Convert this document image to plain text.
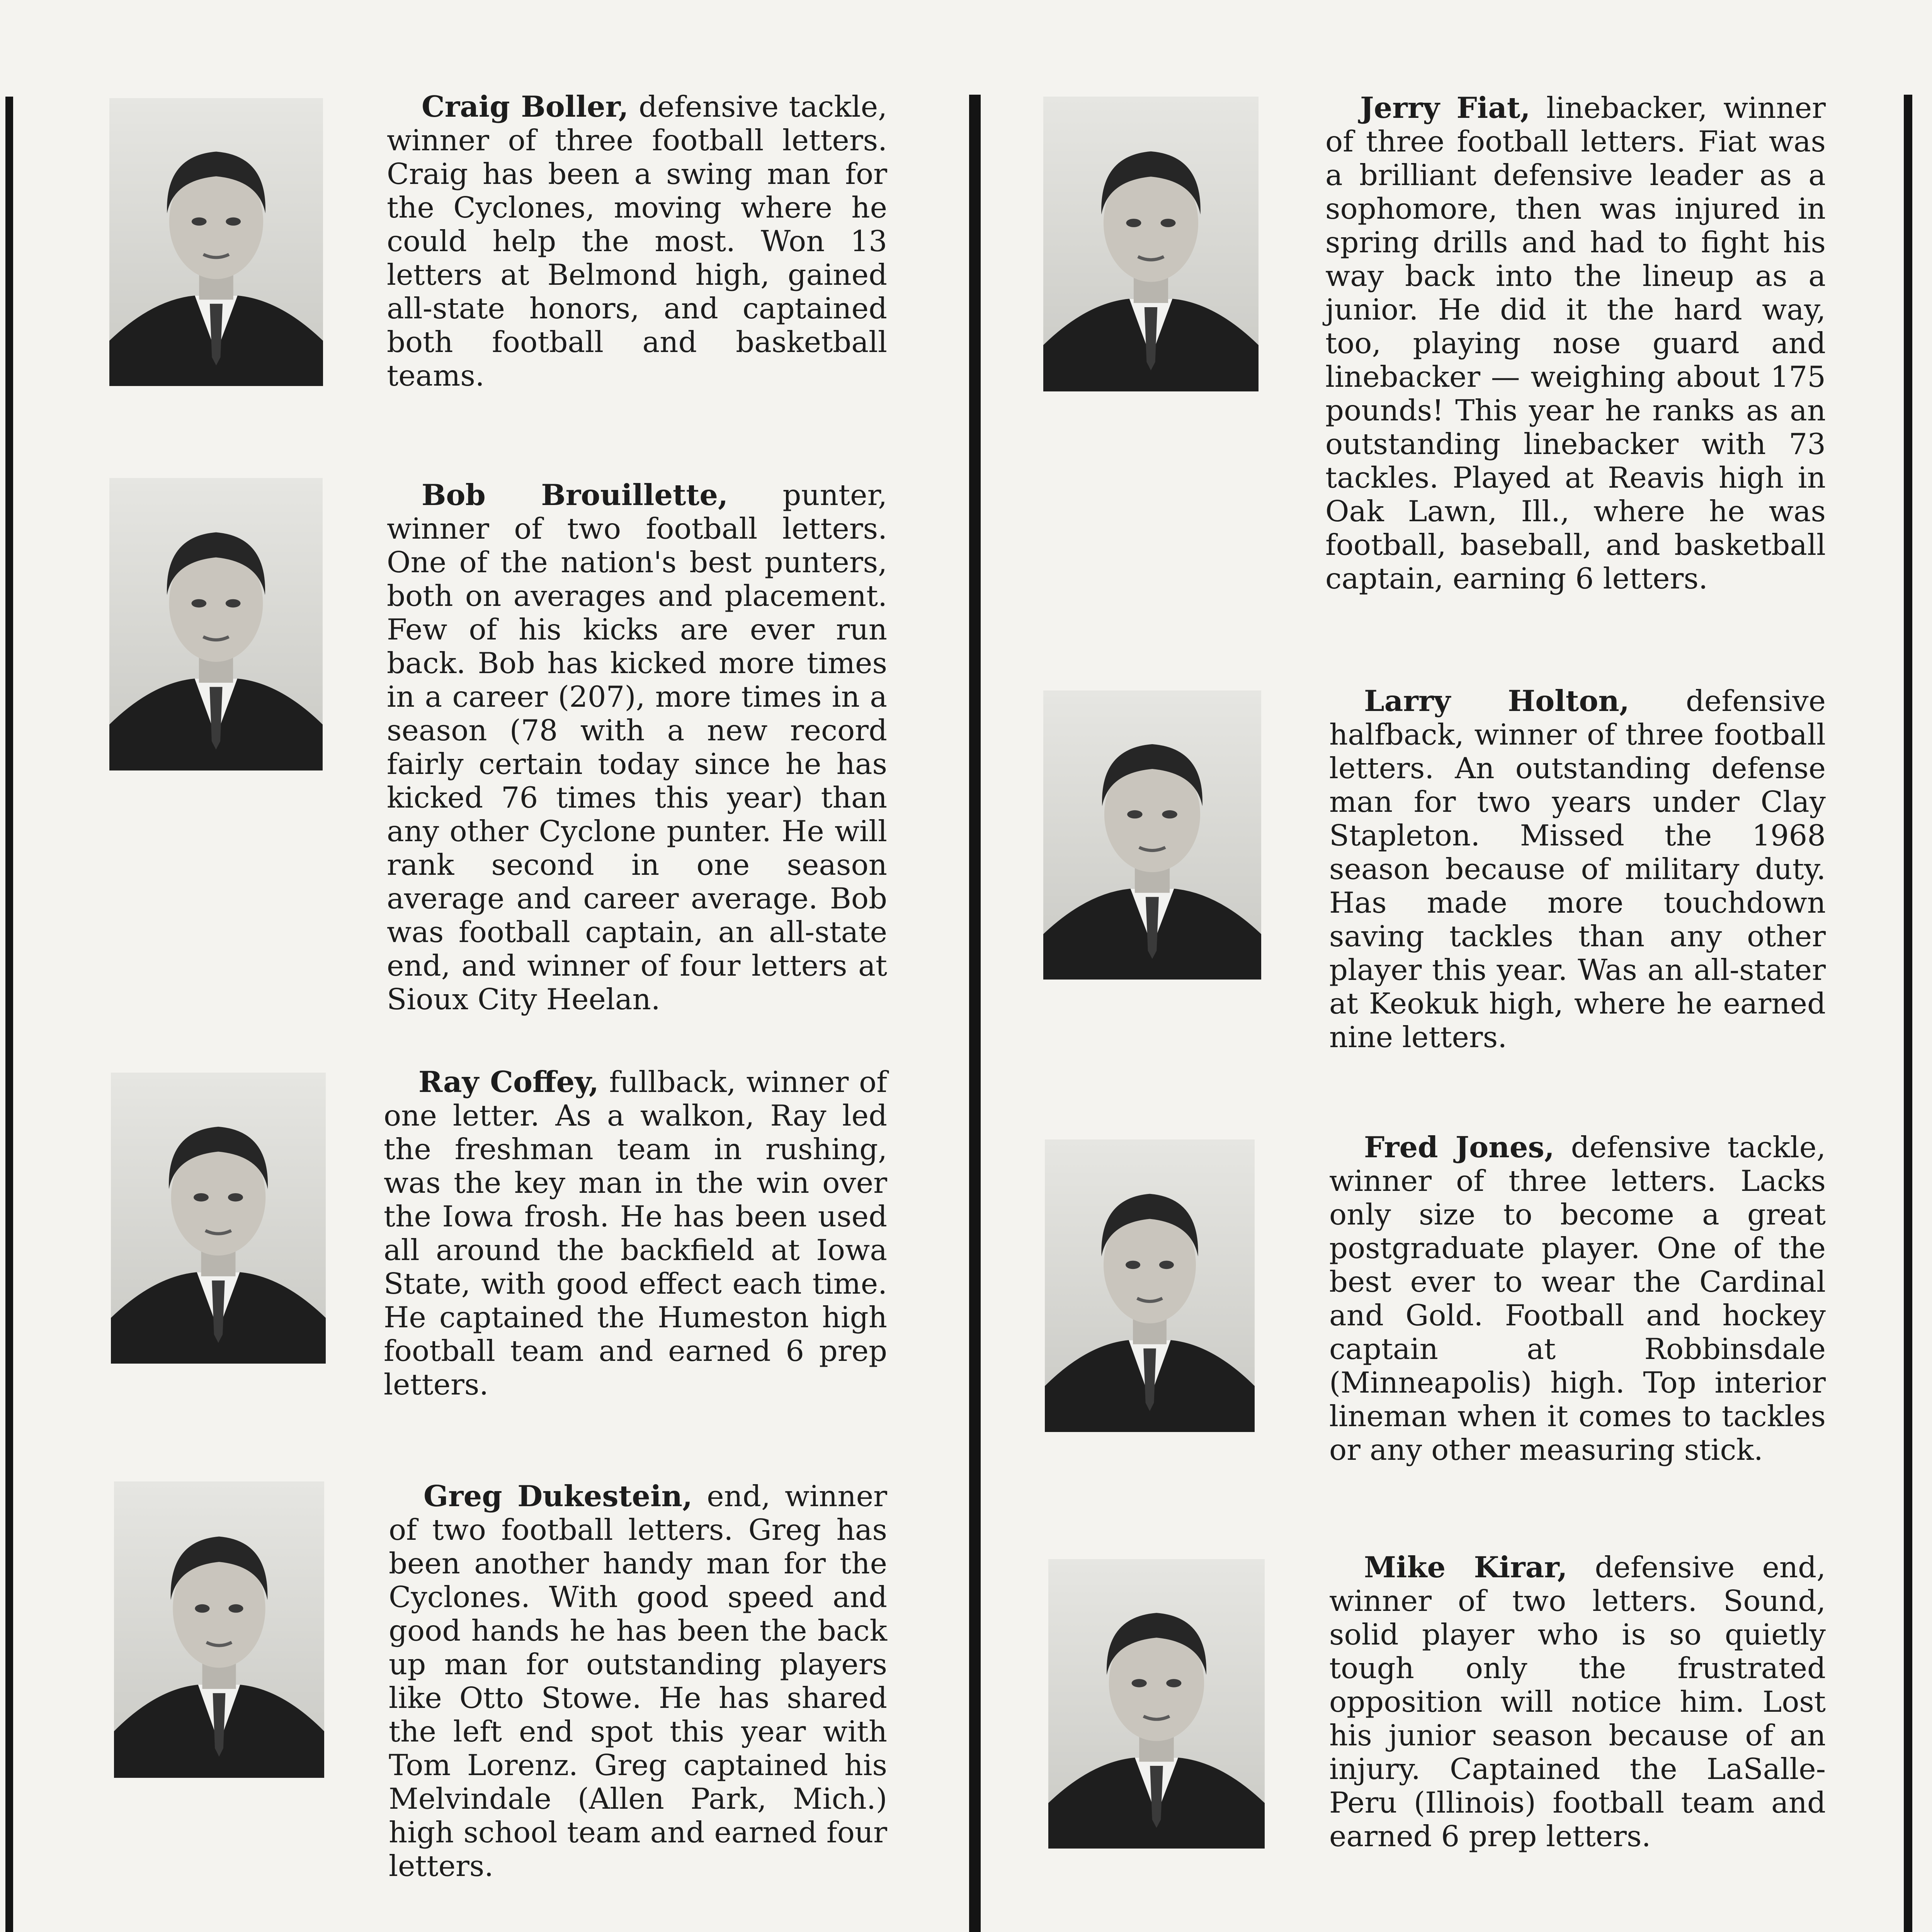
Craig Boller, defensive tackle, winner of three football letters. Craig has been a swing man for the Cyclones, moving where he could help the most. Won 13 letters at Belmond high, gained all-state honors, and captained both football and basketball teams.

Bob Brouillette, punter, winner of two football letters. One of the nation's best punters, both on averages and placement. Few of his kicks are ever run back. Bob has kicked more times in a career (207), more times in a season (78 with a new record fairly certain today since he has kicked 76 times this year) than any other Cyclone punter. He will rank second in one season average and career average. Bob was football captain, an all-state end, and winner of four letters at Sioux City Heelan.

Ray Coffey, fullback, winner of one letter. As a walkon, Ray led the freshman team in rushing, was the key man in the win over the Iowa frosh. He has been used all around the backfield at Iowa State, with good effect each time. He captained the Humeston high football team and earned 6 prep letters.

Greg Dukestein, end, winner of two football letters. Greg has been another handy man for the Cyclones. With good speed and good hands he has been the back up man for outstanding players like Otto Stowe. He has shared the left end spot this year with Tom Lorenz. Greg captained his Melvindale (Allen Park, Mich.) high school team and earned four letters.

Jerry Fiat, linebacker, winner of three football letters. Fiat was a brilliant defensive leader as a sophomore, then was injured in spring drills and had to fight his way back into the lineup as a junior. He did it the hard way, too, playing nose guard and linebacker — weighing about 175 pounds! This year he ranks as an outstanding linebacker with 73 tackles. Played at Reavis high in Oak Lawn, Ill., where he was football, baseball, and basketball captain, earning 6 letters.

Larry Holton, defensive halfback, winner of three football letters. An outstanding defense man for two years under Clay Stapleton. Missed the 1968 season because of military duty. Has made more touchdown saving tackles than any other player this year. Was an all-stater at Keokuk high, where he earned nine letters.

Fred Jones, defensive tackle, winner of three letters. Lacks only size to become a great postgraduate player. One of the best ever to wear the Cardinal and Gold. Football and hockey captain at Robbinsdale (Minneapolis) high. Top interior lineman when it comes to tackles or any other measuring stick.

Mike Kirar, defensive end, winner of two letters. Sound, solid player who is so quietly tough only the frustrated opposition will notice him. Lost his junior season because of an injury. Captained the LaSalle-Peru (Illinois) football team and earned 6 prep letters.
